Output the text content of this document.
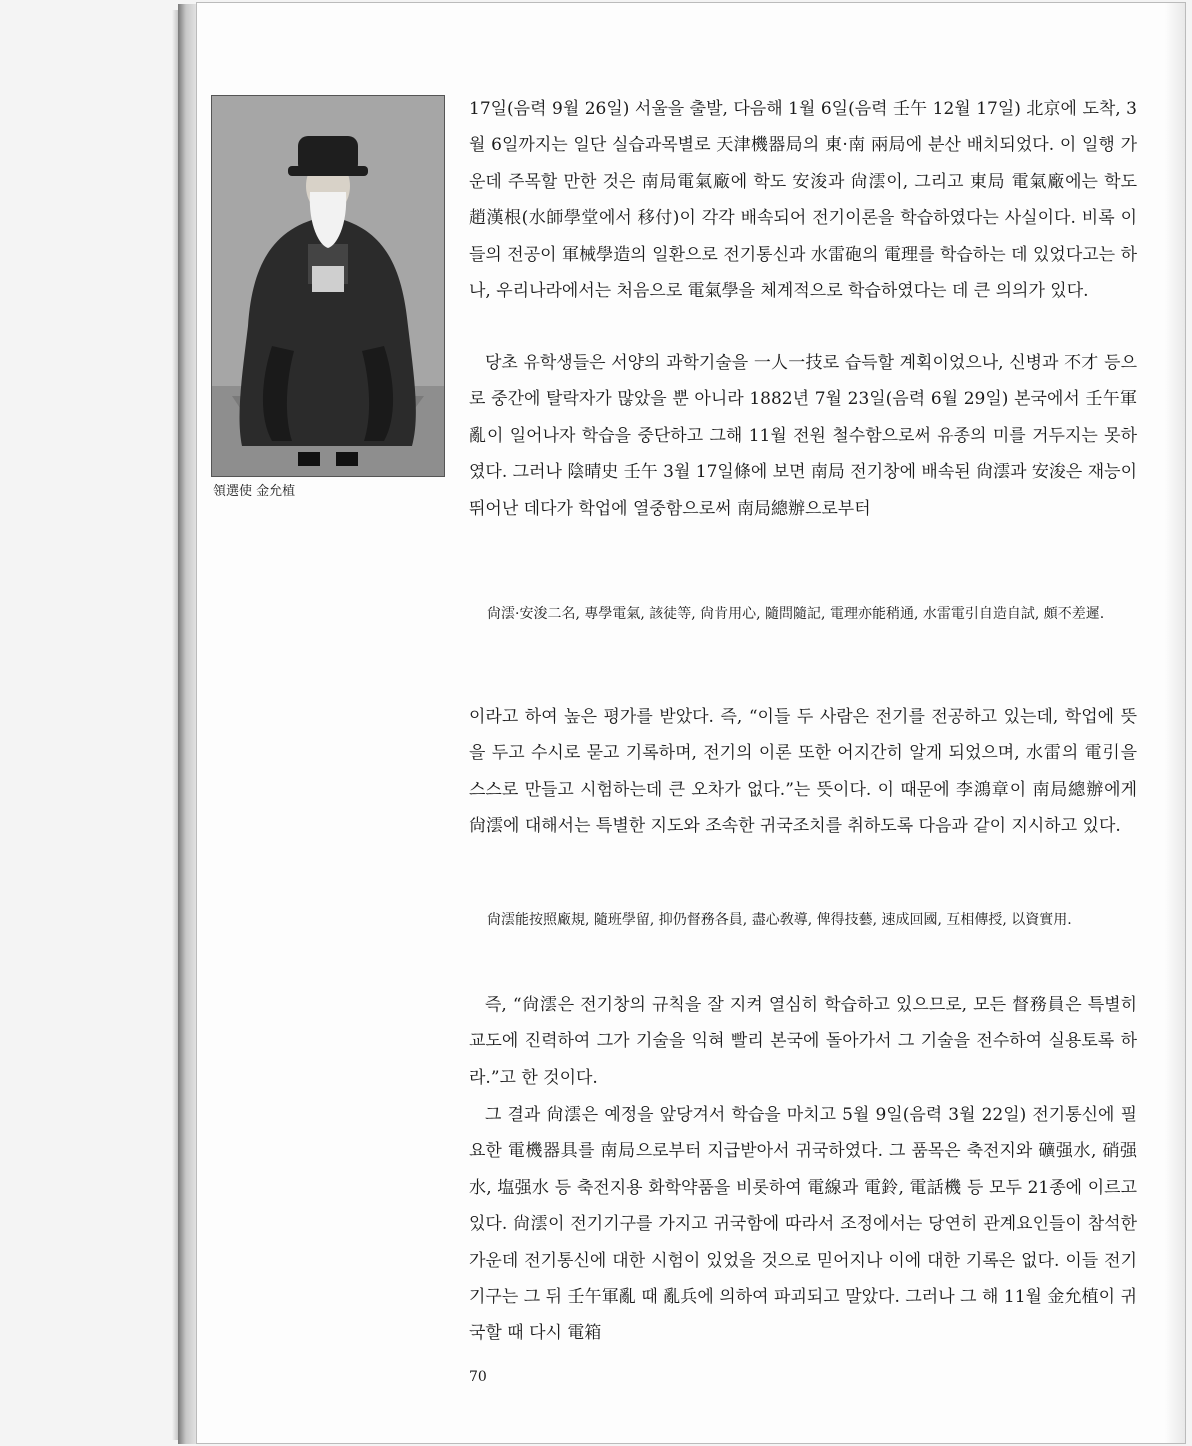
領選使 金允植

17일(음력 9월 26일) 서울을 출발, 다음해 1월 6일(음력 壬午 12월 17일) 北京에 도착, 3월 6일까지는 일단 실습과목별로 天津機器局의 東·南 兩局에 분산 배치되었다. 이 일행 가운데 주목할 만한 것은 南局電氣廠에 학도 安浚과 尙澐이, 그리고 東局 電氣廠에는 학도 趙漢根(水師學堂에서 移付)이 각각 배속되어 전기이론을 학습하였다는 사실이다. 비록 이들의 전공이 軍械學造의 일환으로 전기통신과 水雷砲의 電理를 학습하는 데 있었다고는 하나, 우리나라에서는 처음으로 電氣學을 체계적으로 학습하였다는 데 큰 의의가 있다.

당초 유학생들은 서양의 과학기술을 一人一技로 습득할 계획이었으나, 신병과 不才 등으로 중간에 탈락자가 많았을 뿐 아니라 1882년 7월 23일(음력 6월 29일) 본국에서 壬午軍亂이 일어나자 학습을 중단하고 그해 11월 전원 철수함으로써 유종의 미를 거두지는 못하였다. 그러나 陰晴史 壬午 3월 17일條에 보면 南局 전기창에 배속된 尙澐과 安浚은 재능이 뛰어난 데다가 학업에 열중함으로써 南局總辦으로부터

尙澐·安浚二名, 專學電氣, 該徒等, 尙肯用心, 隨問隨記, 電理亦能稍通, 水雷電引自造自試, 頗不差遲.

이라고 하여 높은 평가를 받았다. 즉, “이들 두 사람은 전기를 전공하고 있는데, 학업에 뜻을 두고 수시로 묻고 기록하며, 전기의 이론 또한 어지간히 알게 되었으며, 水雷의 電引을 스스로 만들고 시험하는데 큰 오차가 없다.”는 뜻이다. 이 때문에 李鴻章이 南局總辦에게 尙澐에 대해서는 특별한 지도와 조속한 귀국조치를 취하도록 다음과 같이 지시하고 있다.

尙澐能按照廠規, 隨班學留, 抑仍督務各員, 盡心敎導, 俾得技藝, 速成回國, 互相傳授, 以資實用.

즉, “尙澐은 전기창의 규칙을 잘 지켜 열심히 학습하고 있으므로, 모든 督務員은 특별히 교도에 진력하여 그가 기술을 익혀 빨리 본국에 돌아가서 그 기술을 전수하여 실용토록 하라.”고 한 것이다.

그 결과 尙澐은 예정을 앞당겨서 학습을 마치고 5월 9일(음력 3월 22일) 전기통신에 필요한 電機器具를 南局으로부터 지급받아서 귀국하였다. 그 품목은 축전지와 礦强水, 硝强水, 塩强水 등 축전지용 화학약품을 비롯하여 電線과 電鈴, 電話機 등 모두 21종에 이르고 있다. 尙澐이 전기기구를 가지고 귀국함에 따라서 조정에서는 당연히 관계요인들이 참석한 가운데 전기통신에 대한 시험이 있었을 것으로 믿어지나 이에 대한 기록은 없다. 이들 전기기구는 그 뒤 壬午軍亂 때 亂兵에 의하여 파괴되고 말았다. 그러나 그 해 11월 金允植이 귀국할 때 다시 電箱

70
